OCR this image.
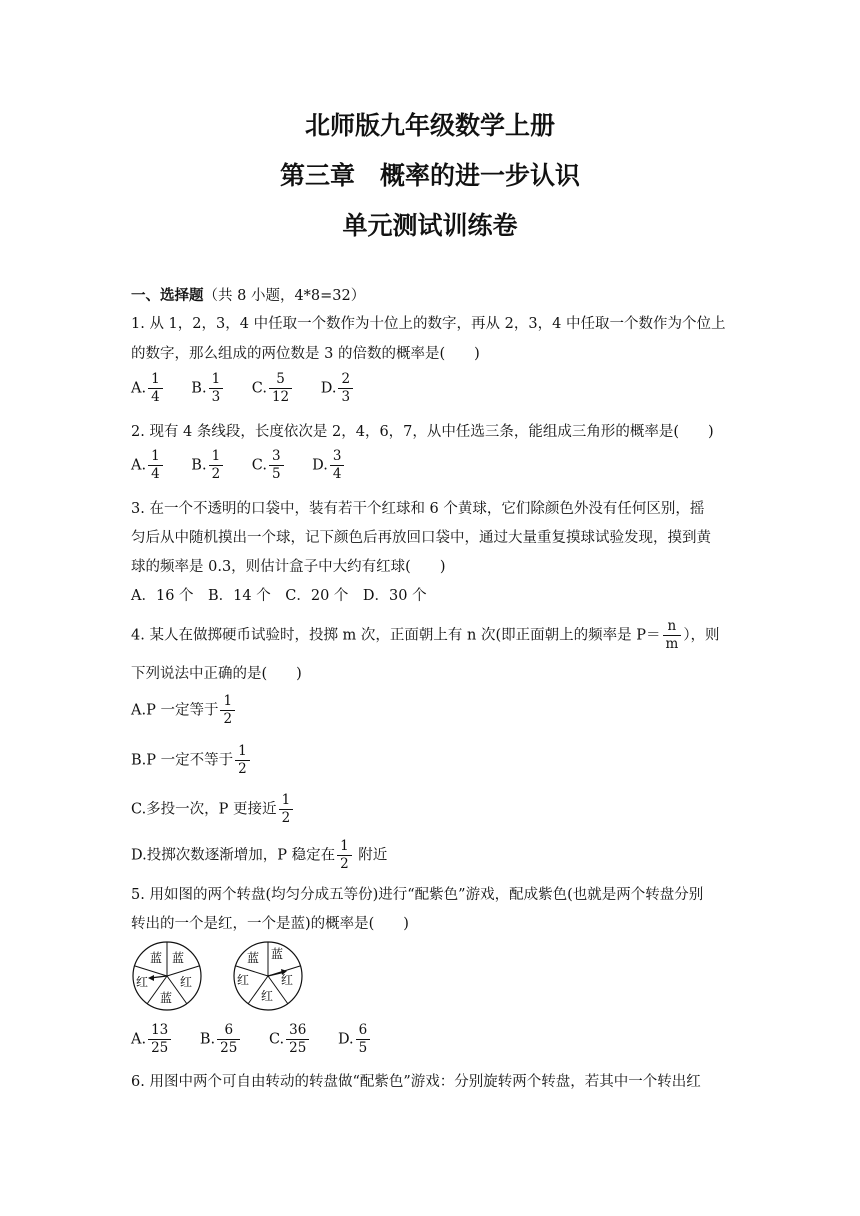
北师版九年级数学上册
第三章　概率的进一步认识
单元测试训练卷
一、选择题（共 8 小题，4*8=32）
1. 从 1，2，3，4 中任取一个数作为十位上的数字，再从 2，3，4 中任取一个数作为个位上
的数字，那么组成的两位数是 3 的倍数的概率是(　　)
A. $\frac{1}{4} B$. $\frac{1}{3} C$. $\frac{5}{12} D$. $\frac{2}{3}$
2. 现有 4 条线段，长度依次是 2，4，6，7，从中任选三条，能组成三角形的概率是(　　)
A. $\frac{1}{4} B$. $\frac{1}{2} C$. $\frac{3}{5} D$. $\frac{3}{4}$
3. 在一个不透明的口袋中，装有若干个红球和 6 个黄球，它们除颜色外没有任何区别，摇
匀后从中随机摸出一个球，记下颜色后再放回口袋中，通过大量重复摸球试验发现，摸到黄
球的频率是 0.3，则估计盒子中大约有红球(　　)
A．16 个　B．14 个　C．20 个　D．30 个
4. 某人在做掷硬币试验时，投掷 m 次，正面朝上有 n 次(即正面朝上的频率是 $P= \frac{n}{m}$ ），则
下列说法中正确的是(　　)
A.P 一定等于 $\frac{1}{2}$
B.P 一定不等于 $\frac{1}{2}$
C.多投一次，P 更接近 $\frac{1}{2}$
D.投掷次数逐渐增加，P 稳定在 $\frac{1}{2}$ 附近
5. 用如图的两个转盘(均匀分成五等份)进行“配紫色”游戏，配成紫色(也就是两个转盘分别
转出的一个是红，一个是蓝)的概率是(　　)
蓝 蓝
红
蓝
红
蓝 蓝
红
红
红
A. $\frac{13}{25} B$. $\frac{6}{25} C$. $\frac{36}{25} D$. $\frac{6}{5}$
6. 用图中两个可自由转动的转盘做“配紫色”游戏：分别旋转两个转盘，若其中一个转出红
